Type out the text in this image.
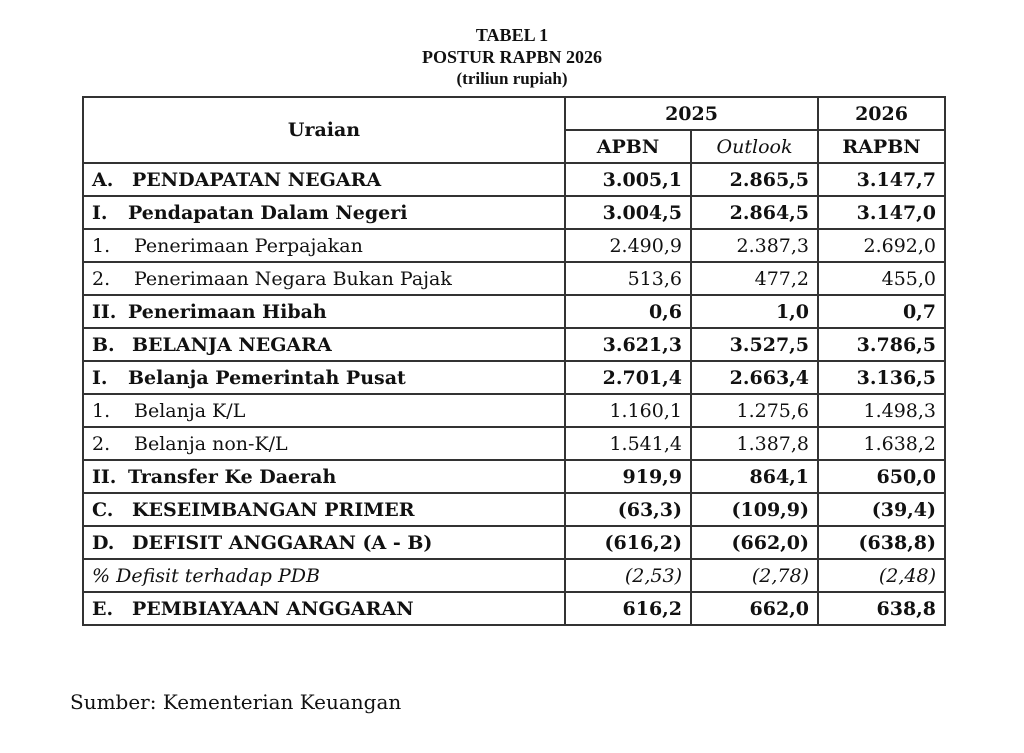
TABEL 1
POSTUR RAPBN 2026
(triliun rupiah)
Uraian	2025		2026
	APBN	Outlook	RAPBN
A. PENDAPATAN NEGARA	3.005,1	2.865,5	3.147,7
I. Pendapatan Dalam Negeri	3.004,5	2.864,5	3.147,0
1. Penerimaan Perpajakan	2.490,9	2.387,3	2.692,0
2. Penerimaan Negara Bukan Pajak	513,6	477,2	455,0
II. Penerimaan Hibah	0,6	1,0	0,7
B. BELANJA NEGARA	3.621,3	3.527,5	3.786,5
I. Belanja Pemerintah Pusat	2.701,4	2.663,4	3.136,5
1. Belanja K/L	1.160,1	1.275,6	1.498,3
2. Belanja non-K/L	1.541,4	1.387,8	1.638,2
II. Transfer Ke Daerah	919,9	864,1	650,0
C. KESEIMBANGAN PRIMER	(63,3)	(109,9)	(39,4)
D. DEFISIT ANGGARAN (A - B)	(616,2)	(662,0)	(638,8)
% Defisit terhadap PDB	(2,53)	(2,78)	(2,48)
E. PEMBIAYAAN ANGGARAN	616,2	662,0	638,8
Sumber: Kementerian Keuangan
